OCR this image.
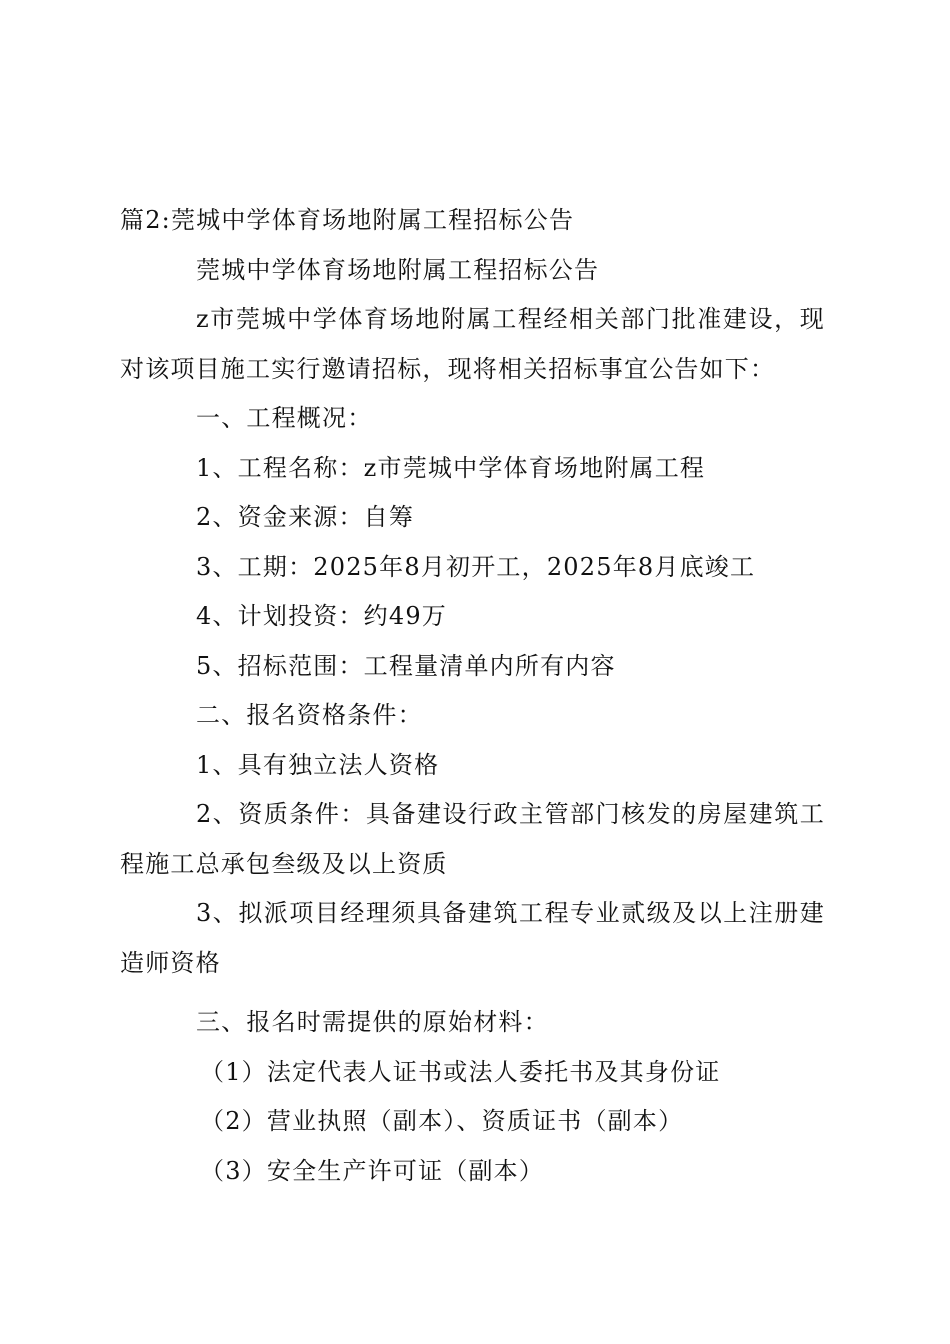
篇2:莞城中学体育场地附属工程招标公告
莞城中学体育场地附属工程招标公告
z市莞城中学体育场地附属工程经相关部门批准建设，现对该项目施工实行邀请招标，现将相关招标事宜公告如下：
一、工程概况：
1、工程名称：z市莞城中学体育场地附属工程
2、资金来源：自筹
3、工期：2025年8月初开工，2025年8月底竣工
4、计划投资：约49万
5、招标范围：工程量清单内所有内容
二、报名资格条件：
1、具有独立法人资格
2、资质条件：具备建设行政主管部门核发的房屋建筑工程施工总承包叁级及以上资质
3、拟派项目经理须具备建筑工程专业贰级及以上注册建造师资格
三、报名时需提供的原始材料：
（1）法定代表人证书或法人委托书及其身份证
（2）营业执照（副本）、资质证书（副本）
（3）安全生产许可证（副本）
